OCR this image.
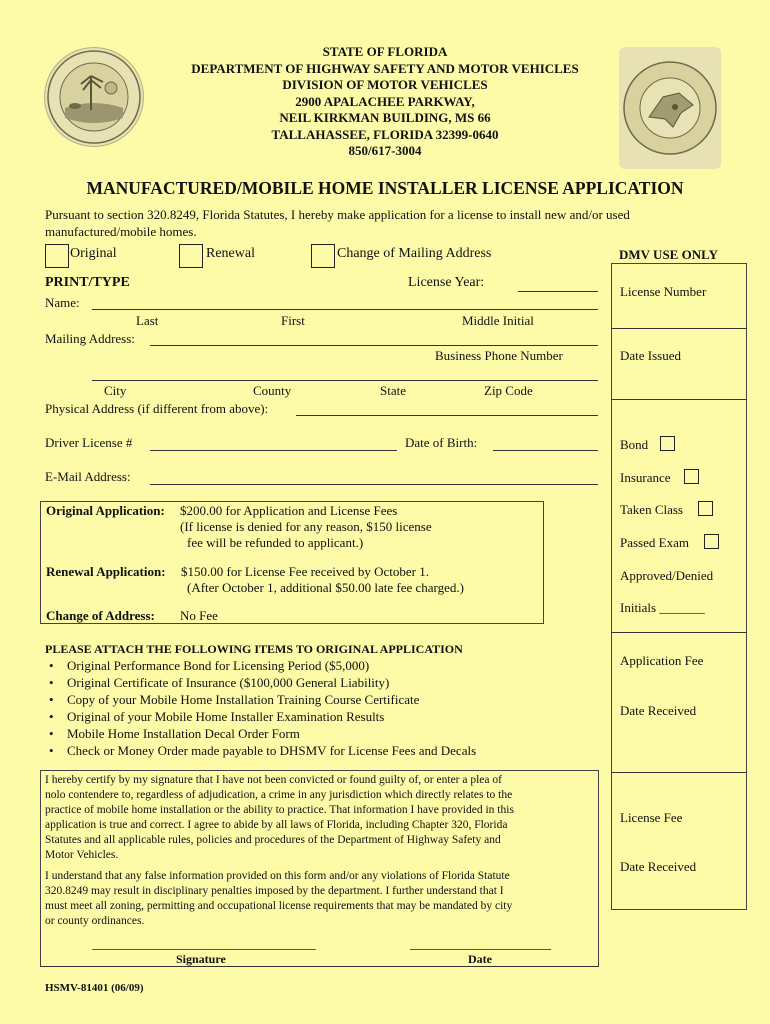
STATE OF FLORIDA
DEPARTMENT OF HIGHWAY SAFETY AND MOTOR VEHICLES
DIVISION OF MOTOR VEHICLES
2900 APALACHEE PARKWAY,
NEIL KIRKMAN BUILDING, MS 66
TALLAHASSEE, FLORIDA 32399-0640
850/617-3004
MANUFACTURED/MOBILE HOME INSTALLER LICENSE APPLICATION
Pursuant to section 320.8249, Florida Statutes, I hereby make application for a license to install new and/or used
manufactured/mobile homes.
Original	Renewal	Change of Mailing Address	DMV USE ONLY
License Number
Date Issued
Bond
Insurance
Taken Class
Passed Exam
Approved/Denied
Initials _______
Application Fee
Date Received
License Fee
Date Received
PRINT/TYPE	License Year:
Name:
Last	First	Middle Initial
Mailing Address:
Business Phone Number
City	County	State	Zip Code
Physical Address (if different from above):
Driver License #	Date of Birth:
E-Mail Address:
Original Application: $200.00 for Application and License Fees
(If license is denied for any reason, $150 license
fee will be refunded to applicant.)
Renewal Application: $150.00 for License Fee received by October 1.
(After October 1, additional $50.00 late fee charged.)
Change of Address: No Fee
PLEASE ATTACH THE FOLLOWING ITEMS TO ORIGINAL APPLICATION
• Original Performance Bond for Licensing Period ($5,000)
• Original Certificate of Insurance ($100,000 General Liability)
• Copy of your Mobile Home Installation Training Course Certificate
• Original of your Mobile Home Installer Examination Results
• Mobile Home Installation Decal Order Form
• Check or Money Order made payable to DHSMV for License Fees and Decals
I hereby certify by my signature that I have not been convicted or found guilty of, or enter a plea of
nolo contendere to, regardless of adjudication, a crime in any jurisdiction which directly relates to the
practice of mobile home installation or the ability to practice. That information I have provided in this
application is true and correct. I agree to abide by all laws of Florida, including Chapter 320, Florida
Statutes and all applicable rules, policies and procedures of the Department of Highway Safety and
Motor Vehicles.
I understand that any false information provided on this form and/or any violations of Florida Statute
320.8249 may result in disciplinary penalties imposed by the department. I further understand that I
must meet all zoning, permitting and occupational license requirements that may be mandated by city
or county ordinances.
Signature	Date
HSMV-81401 (06/09)
